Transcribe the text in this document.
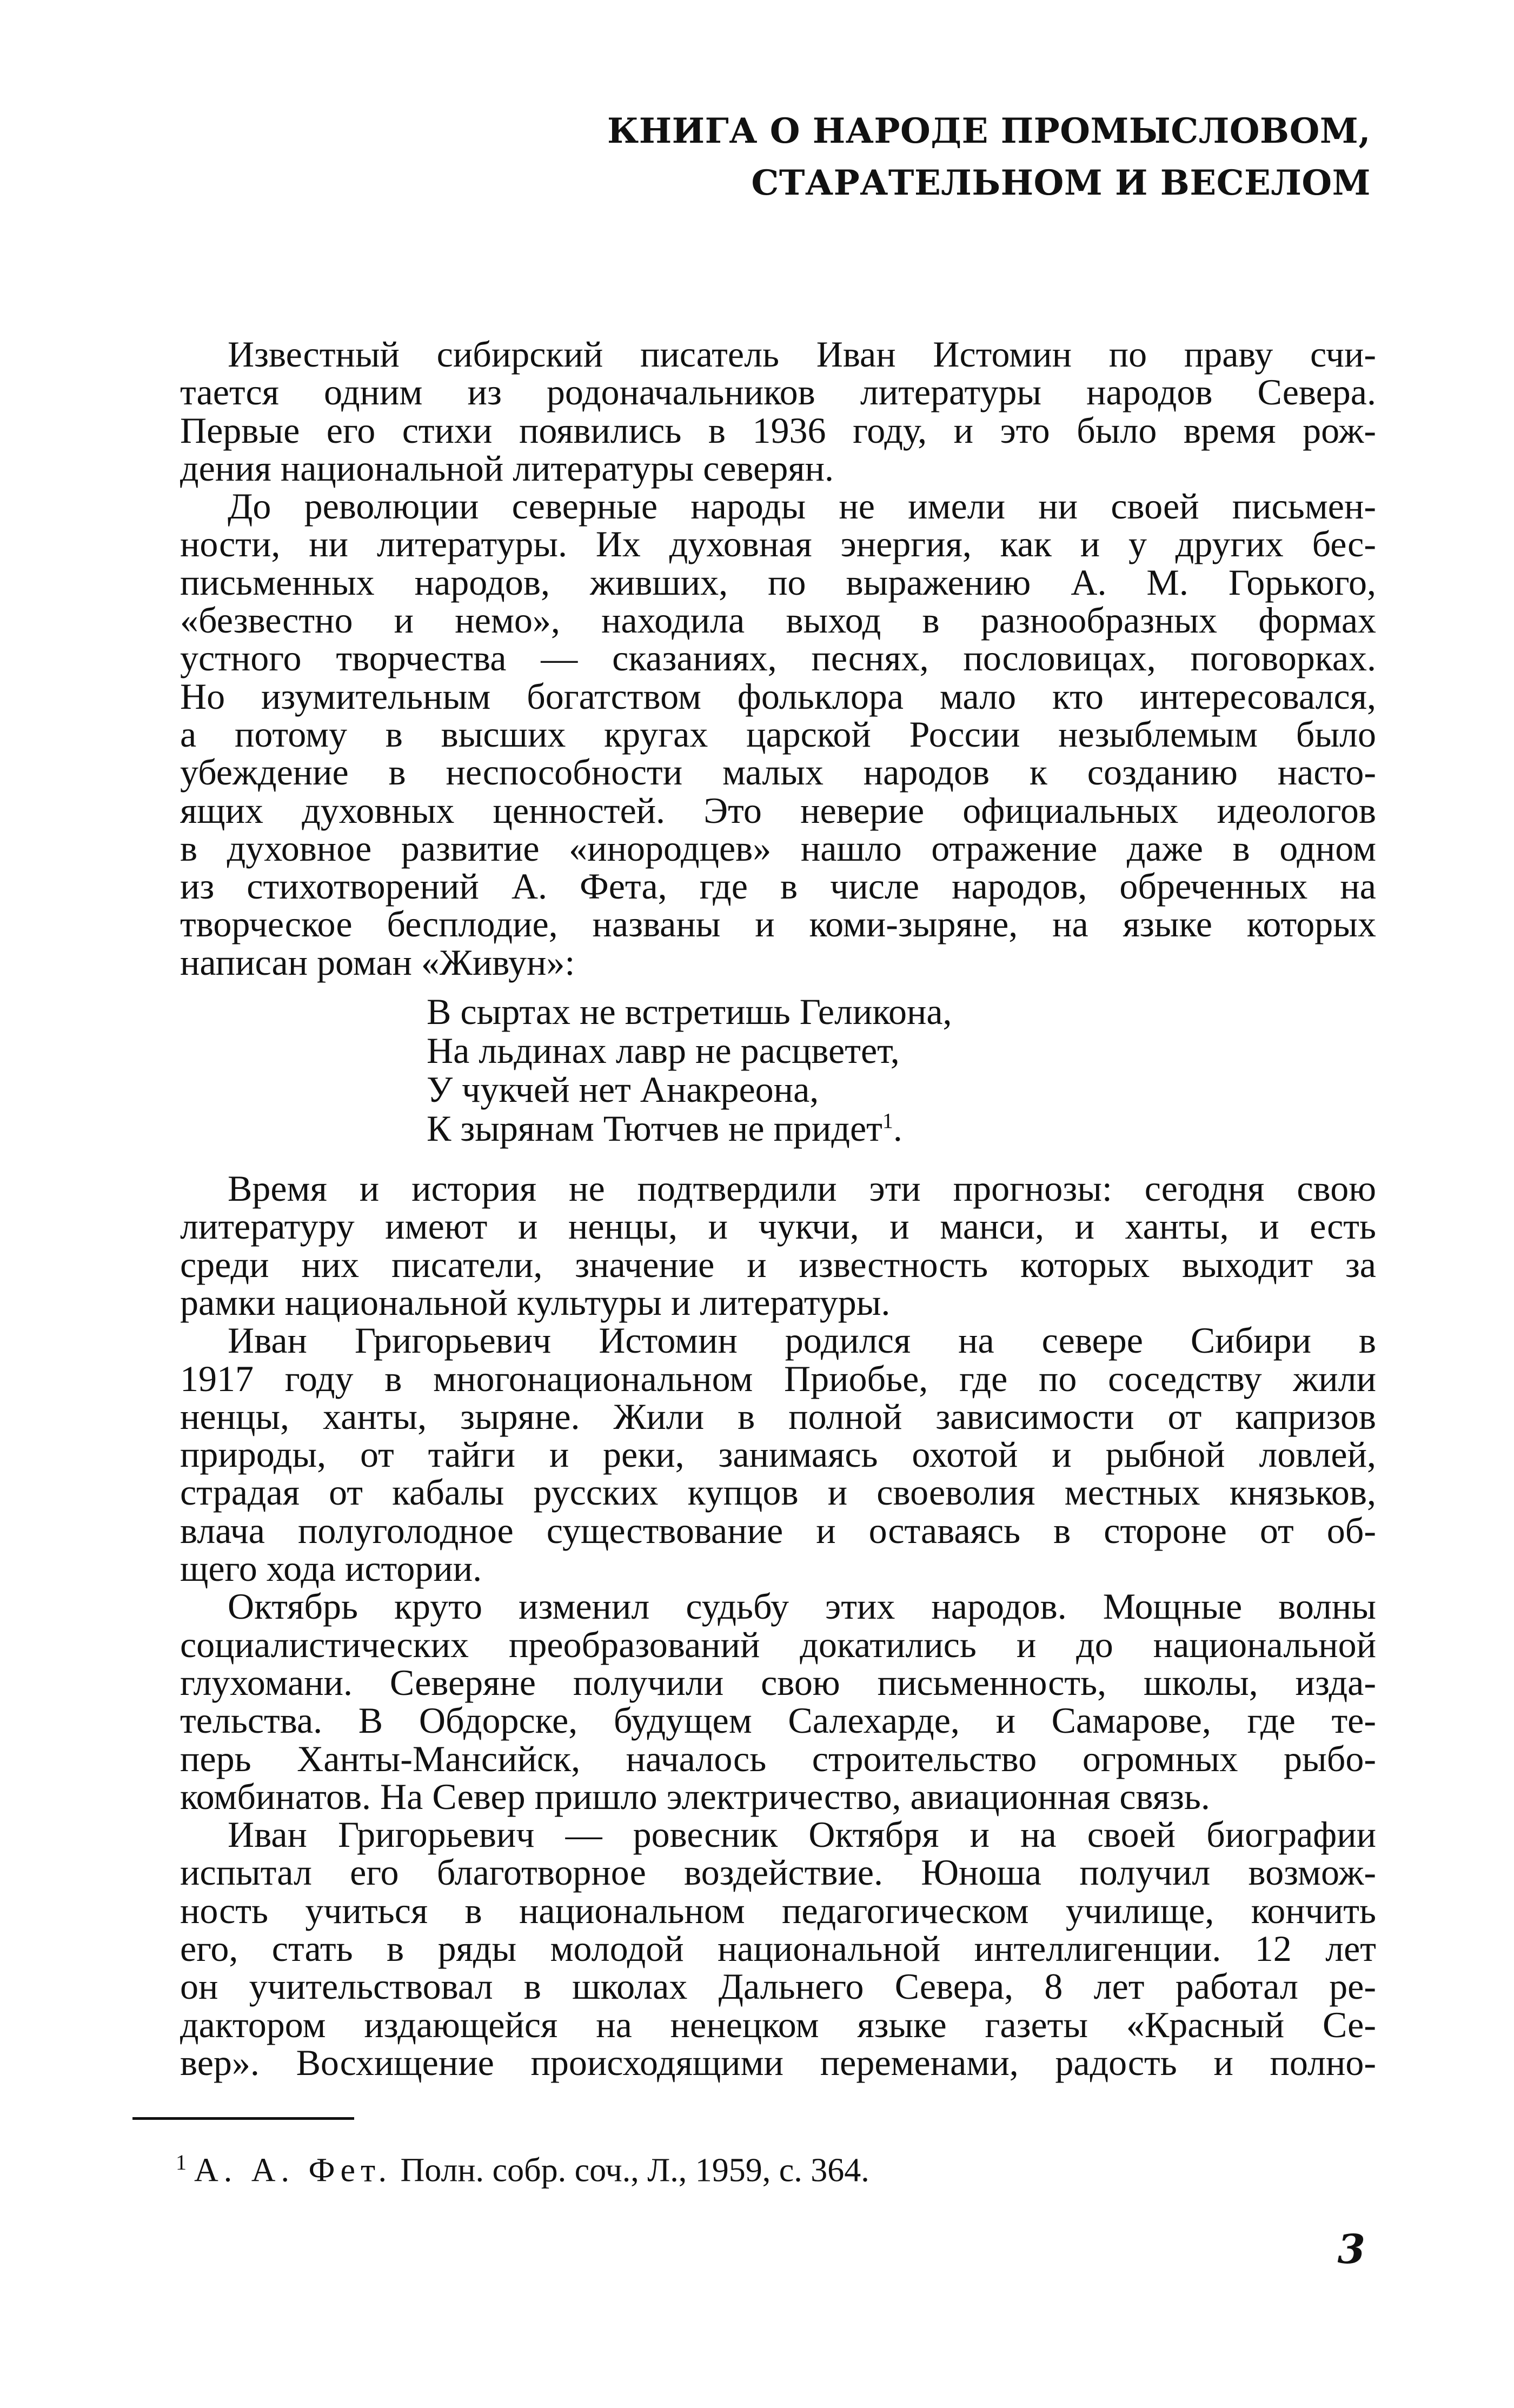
КНИГА О НАРОДЕ ПРОМЫСЛОВОМ,
СТАРАТЕЛЬНОМ И ВЕСЕЛОМ
Известный сибирский писатель Иван Истомин по праву счи-
тается одним из родоначальников литературы народов Севера.
Первые его стихи появились в 1936 году, и это было время рож-
дения национальной литературы северян.
До революции северные народы не имели ни своей письмен-
ности, ни литературы. Их духовная энергия, как и у других бес-
письменных народов, живших, по выражению А. М. Горького,
«безвестно и немо», находила выход в разнообразных формах
устного творчества — сказаниях, песнях, пословицах, поговорках.
Но изумительным богатством фольклора мало кто интересовался,
а потому в высших кругах царской России незыблемым было
убеждение в неспособности малых народов к созданию насто-
ящих духовных ценностей. Это неверие официальных идеологов
в духовное развитие «инородцев» нашло отражение даже в одном
из стихотворений А. Фета, где в числе народов, обреченных на
творческое бесплодие, названы и коми-зыряне, на языке которых
написан роман «Живун»:
В сыртах не встретишь Геликона,
На льдинах лавр не расцветет,
У чукчей нет Анакреона,
К зырянам Тютчев не придет$^1$.
Время и история не подтвердили эти прогнозы: сегодня свою
литературу имеют и ненцы, и чукчи, и манси, и ханты, и есть
среди них писатели, значение и известность которых выходит за
рамки национальной культуры и литературы.
Иван Григорьевич Истомин родился на севере Сибири в
1917 году в многонациональном Приобье, где по соседству жили
ненцы, ханты, зыряне. Жили в полной зависимости от капризов
природы, от тайги и реки, занимаясь охотой и рыбной ловлей,
страдая от кабалы русских купцов и своеволия местных князьков,
влача полуголодное существование и оставаясь в стороне от об-
щего хода истории.
Октябрь круто изменил судьбу этих народов. Мощные волны
социалистических преобразований докатились и до национальной
глухомани. Северяне получили свою письменность, школы, изда-
тельства. В Обдорске, будущем Салехарде, и Самарове, где те-
перь Ханты-Мансийск, началось строительство огромных рыбо-
комбинатов. На Север пришло электричество, авиационная связь.
Иван Григорьевич — ровесник Октября и на своей биографии
испытал его благотворное воздействие. Юноша получил возмож-
ность учиться в национальном педагогическом училище, кончить
его, стать в ряды молодой национальной интеллигенции. 12 лет
он учительствовал в школах Дальнего Севера, 8 лет работал ре-
дактором издающейся на ненецком языке газеты «Красный Се-
вер». Восхищение происходящими переменами, радость и полно-
$^1$ А. А. Фет. Полн. собр. соч., Л., 1959, с. 364.
3
